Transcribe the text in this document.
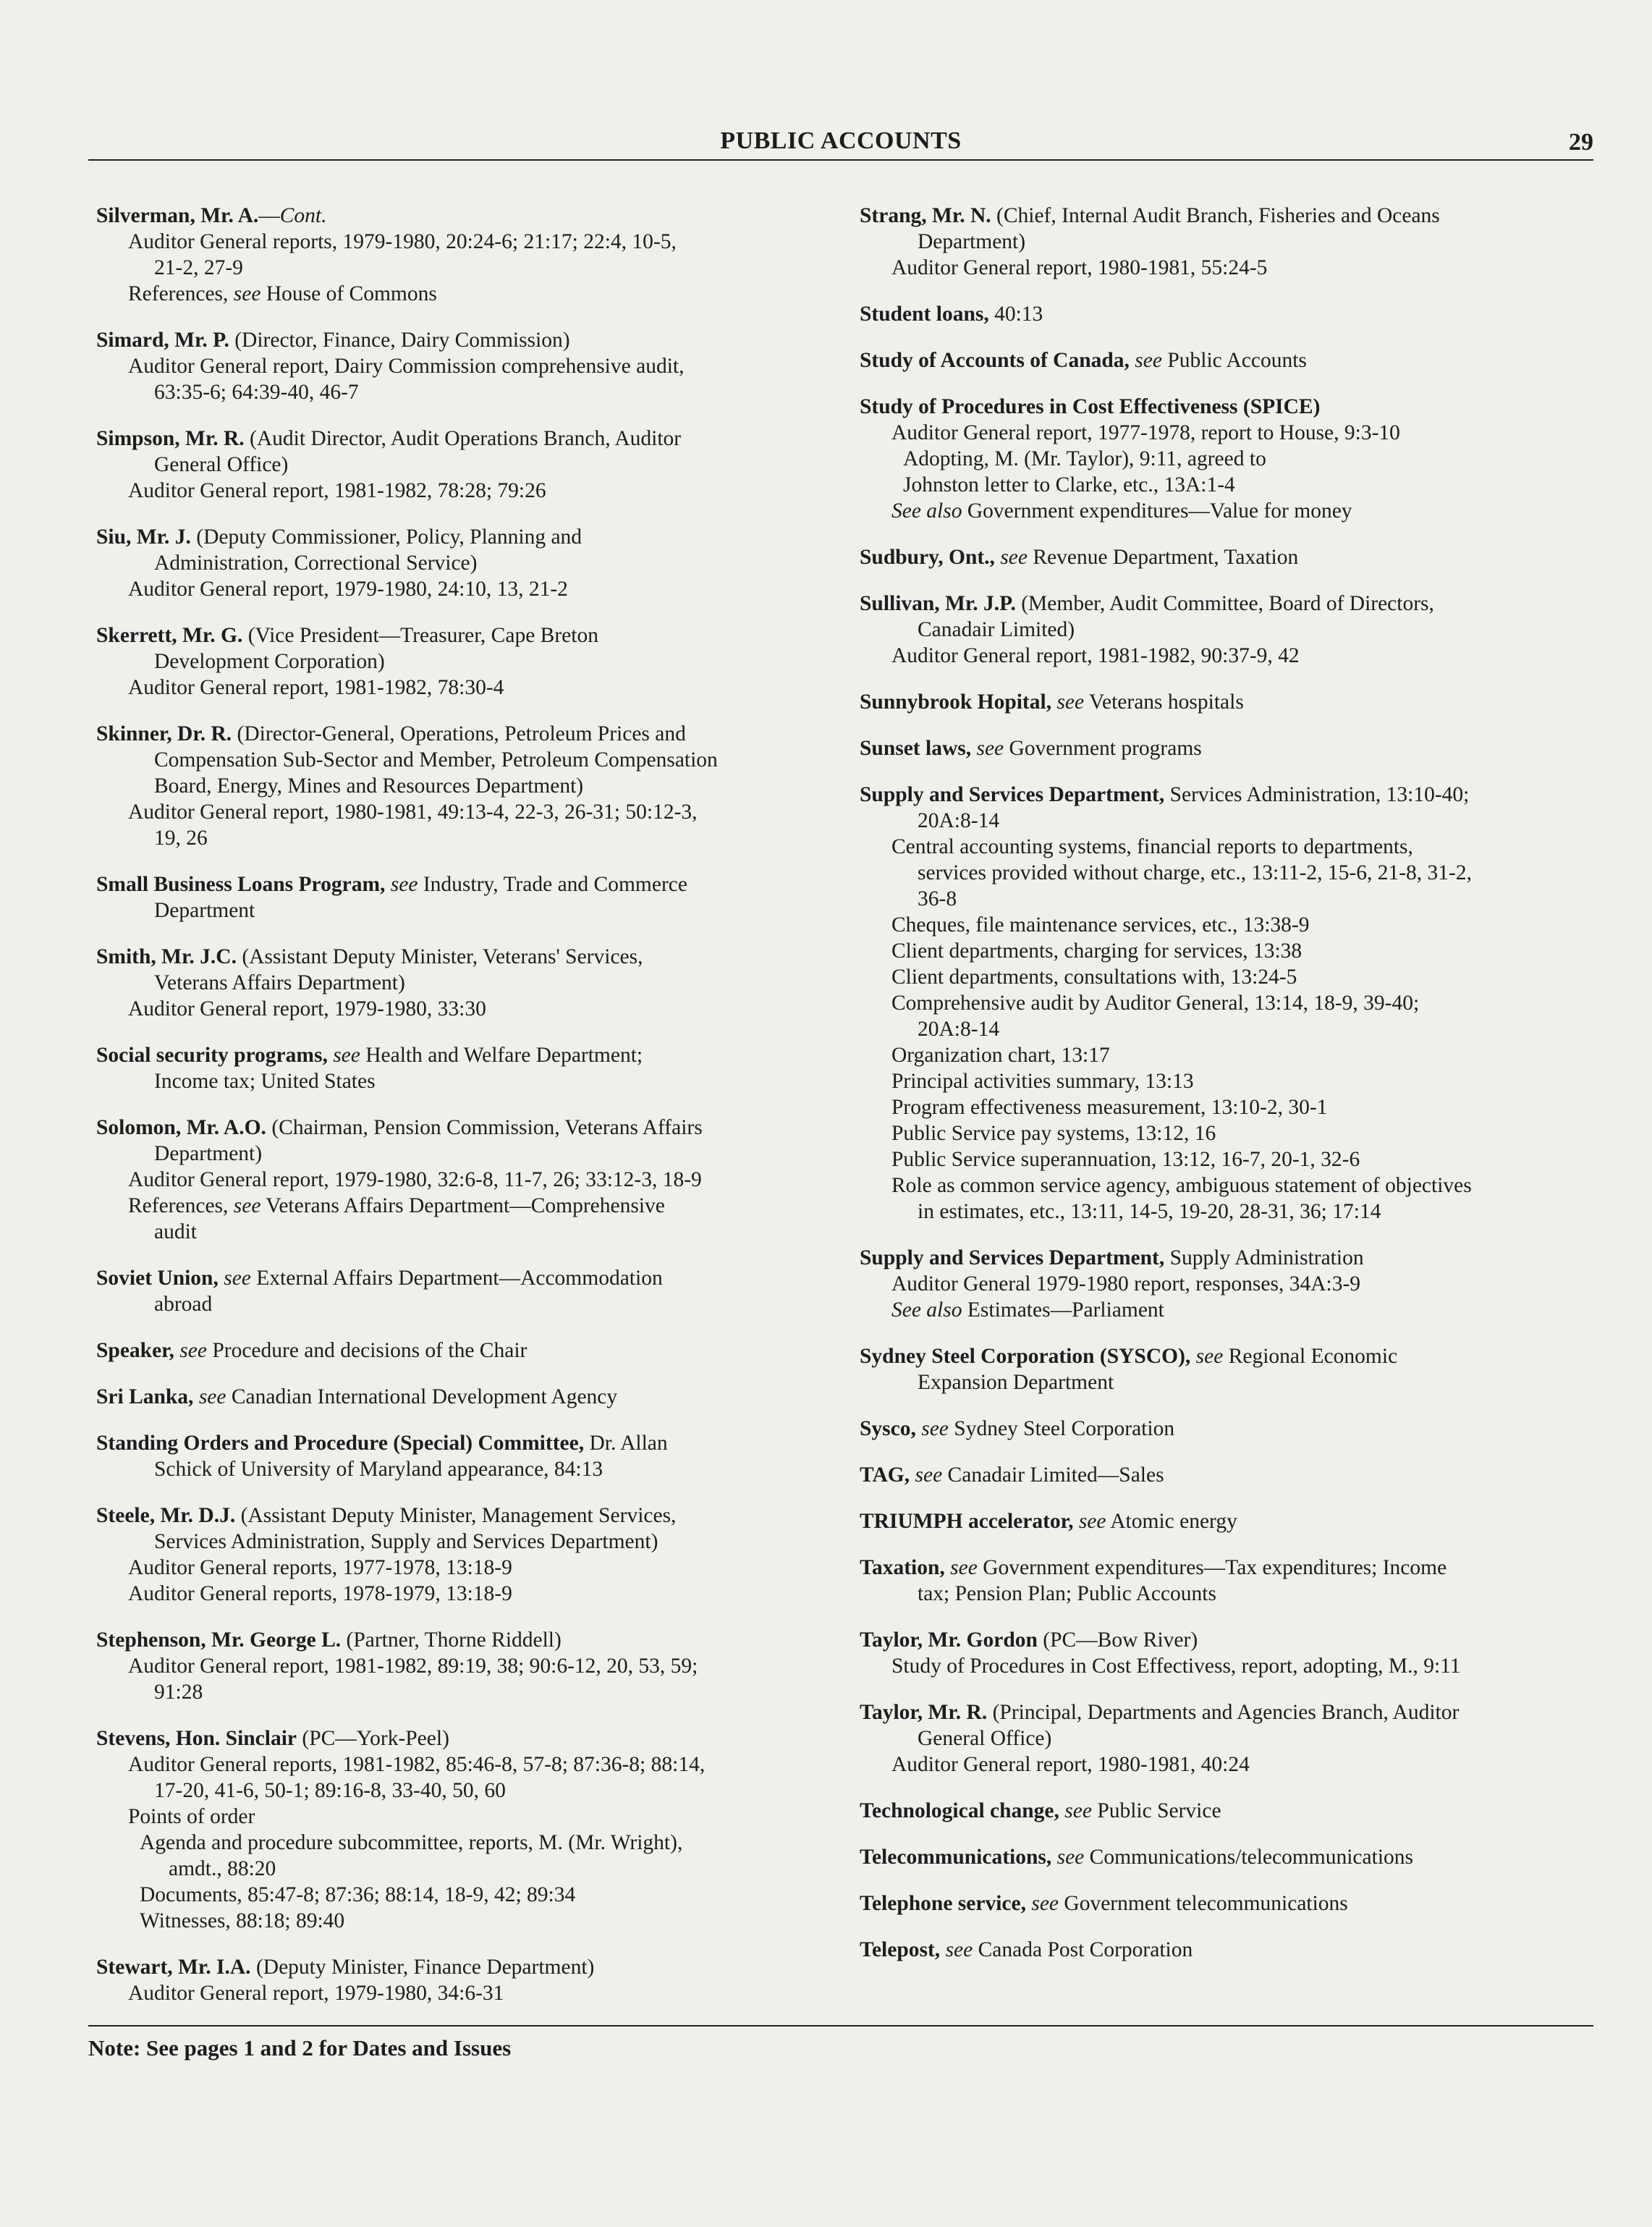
PUBLIC ACCOUNTS	29
Silverman, Mr. A.—Cont.
Auditor General reports, 1979-1980, 20:24-6; 21:17; 22:4, 10-5,
21-2, 27-9
References, see House of Commons
Simard, Mr. P. (Director, Finance, Dairy Commission)
Auditor General report, Dairy Commission comprehensive audit,
63:35-6; 64:39-40, 46-7
Simpson, Mr. R. (Audit Director, Audit Operations Branch, Auditor
General Office)
Auditor General report, 1981-1982, 78:28; 79:26
Siu, Mr. J. (Deputy Commissioner, Policy, Planning and
Administration, Correctional Service)
Auditor General report, 1979-1980, 24:10, 13, 21-2
Skerrett, Mr. G. (Vice President—Treasurer, Cape Breton
Development Corporation)
Auditor General report, 1981-1982, 78:30-4
Skinner, Dr. R. (Director-General, Operations, Petroleum Prices and
Compensation Sub-Sector and Member, Petroleum Compensation
Board, Energy, Mines and Resources Department)
Auditor General report, 1980-1981, 49:13-4, 22-3, 26-31; 50:12-3,
19, 26
Small Business Loans Program, see Industry, Trade and Commerce
Department
Smith, Mr. J.C. (Assistant Deputy Minister, Veterans' Services,
Veterans Affairs Department)
Auditor General report, 1979-1980, 33:30
Social security programs, see Health and Welfare Department;
Income tax; United States
Solomon, Mr. A.O. (Chairman, Pension Commission, Veterans Affairs
Department)
Auditor General report, 1979-1980, 32:6-8, 11-7, 26; 33:12-3, 18-9
References, see Veterans Affairs Department—Comprehensive
audit
Soviet Union, see External Affairs Department—Accommodation
abroad
Speaker, see Procedure and decisions of the Chair
Sri Lanka, see Canadian International Development Agency
Standing Orders and Procedure (Special) Committee, Dr. Allan
Schick of University of Maryland appearance, 84:13
Steele, Mr. D.J. (Assistant Deputy Minister, Management Services,
Services Administration, Supply and Services Department)
Auditor General reports, 1977-1978, 13:18-9
Auditor General reports, 1978-1979, 13:18-9
Stephenson, Mr. George L. (Partner, Thorne Riddell)
Auditor General report, 1981-1982, 89:19, 38; 90:6-12, 20, 53, 59;
91:28
Stevens, Hon. Sinclair (PC—York-Peel)
Auditor General reports, 1981-1982, 85:46-8, 57-8; 87:36-8; 88:14,
17-20, 41-6, 50-1; 89:16-8, 33-40, 50, 60
Points of order
Agenda and procedure subcommittee, reports, M. (Mr. Wright),
amdt., 88:20
Documents, 85:47-8; 87:36; 88:14, 18-9, 42; 89:34
Witnesses, 88:18; 89:40
Stewart, Mr. I.A. (Deputy Minister, Finance Department)
Auditor General report, 1979-1980, 34:6-31
Strang, Mr. N. (Chief, Internal Audit Branch, Fisheries and Oceans
Department)
Auditor General report, 1980-1981, 55:24-5
Student loans, 40:13
Study of Accounts of Canada, see Public Accounts
Study of Procedures in Cost Effectiveness (SPICE)
Auditor General report, 1977-1978, report to House, 9:3-10
Adopting, M. (Mr. Taylor), 9:11, agreed to
Johnston letter to Clarke, etc., 13A:1-4
See also Government expenditures—Value for money
Sudbury, Ont., see Revenue Department, Taxation
Sullivan, Mr. J.P. (Member, Audit Committee, Board of Directors,
Canadair Limited)
Auditor General report, 1981-1982, 90:37-9, 42
Sunnybrook Hopital, see Veterans hospitals
Sunset laws, see Government programs
Supply and Services Department, Services Administration, 13:10-40;
20A:8-14
Central accounting systems, financial reports to departments,
services provided without charge, etc., 13:11-2, 15-6, 21-8, 31-2,
36-8
Cheques, file maintenance services, etc., 13:38-9
Client departments, charging for services, 13:38
Client departments, consultations with, 13:24-5
Comprehensive audit by Auditor General, 13:14, 18-9, 39-40;
20A:8-14
Organization chart, 13:17
Principal activities summary, 13:13
Program effectiveness measurement, 13:10-2, 30-1
Public Service pay systems, 13:12, 16
Public Service superannuation, 13:12, 16-7, 20-1, 32-6
Role as common service agency, ambiguous statement of objectives
in estimates, etc., 13:11, 14-5, 19-20, 28-31, 36; 17:14
Supply and Services Department, Supply Administration
Auditor General 1979-1980 report, responses, 34A:3-9
See also Estimates—Parliament
Sydney Steel Corporation (SYSCO), see Regional Economic
Expansion Department
Sysco, see Sydney Steel Corporation
TAG, see Canadair Limited—Sales
TRIUMPH accelerator, see Atomic energy
Taxation, see Government expenditures—Tax expenditures; Income
tax; Pension Plan; Public Accounts
Taylor, Mr. Gordon (PC—Bow River)
Study of Procedures in Cost Effectivess, report, adopting, M., 9:11
Taylor, Mr. R. (Principal, Departments and Agencies Branch, Auditor
General Office)
Auditor General report, 1980-1981, 40:24
Technological change, see Public Service
Telecommunications, see Communications/telecommunications
Telephone service, see Government telecommunications
Telepost, see Canada Post Corporation
Note: See pages 1 and 2 for Dates and Issues
